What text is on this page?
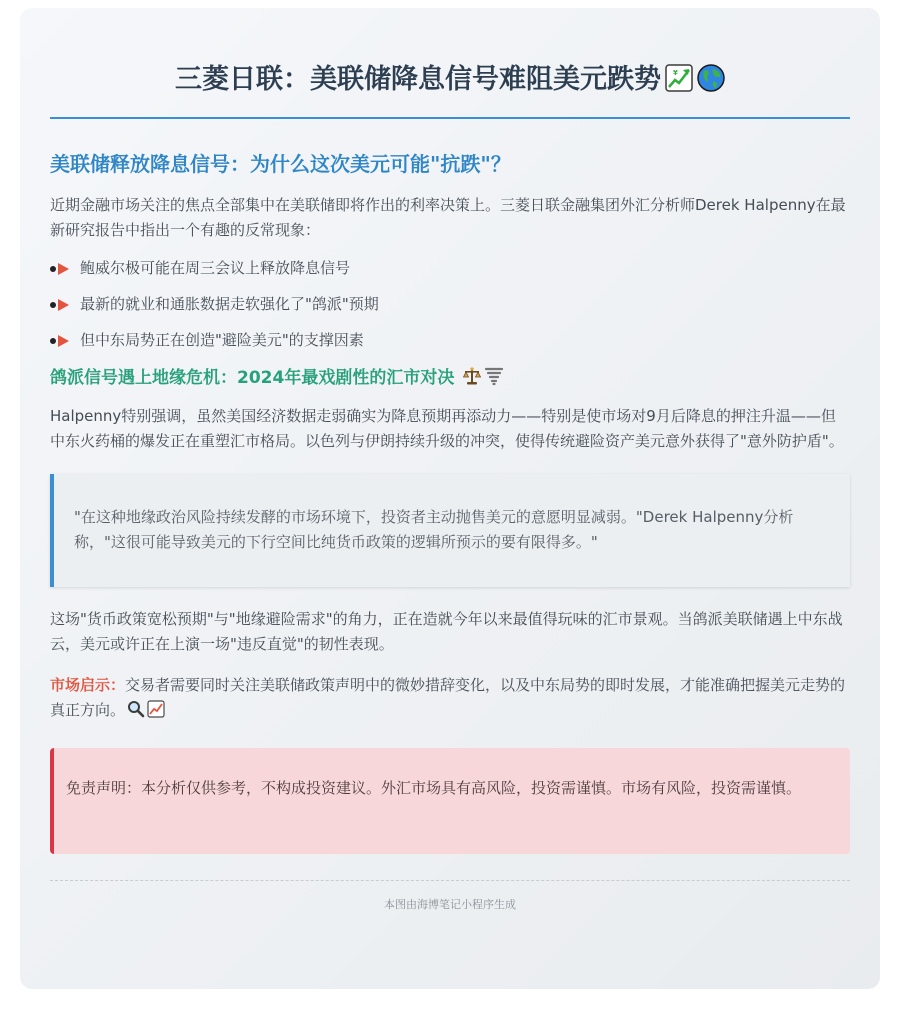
三菱日联：美联储降息信号难阻美元跌势 ¥
美联储释放降息信号：为什么这次美元可能"抗跌"？

近期金融市场关注的焦点全部集中在美联储即将作出的利率决策上。三菱日联金融集团外汇分析师Derek Halpenny在最新研究报告中指出一个有趣的反常现象：

鲍威尔极可能在周三会议上释放降息信号
最新的就业和通胀数据走软强化了"鸽派"预期
但中东局势正在创造"避险美元"的支撑因素
鸽派信号遇上地缘危机：2024年最戏剧性的汇市对决

Halpenny特别强调，虽然美国经济数据走弱确实为降息预期再添动力——特别是使市场对9月后降息的押注升温——但中东火药桶的爆发正在重塑汇市格局。以色列与伊朗持续升级的冲突，使得传统避险资产美元意外获得了"意外防护盾"。

"在这种地缘政治风险持续发酵的市场环境下，投资者主动抛售美元的意愿明显减弱。"Derek Halpenny分析称，"这很可能导致美元的下行空间比纯货币政策的逻辑所预示的要有限得多。"

这场"货币政策宽松预期"与"地缘避险需求"的角力，正在造就今年以来最值得玩味的汇市景观。当鸽派美联储遇上中东战云，美元或许正在上演一场"违反直觉"的韧性表现。

市场启示：交易者需要同时关注美联储政策声明中的微妙措辞变化，以及中东局势的即时发展，才能准确把握美元走势的真正方向。

免责声明：本分析仅供参考，不构成投资建议。外汇市场具有高风险，投资需谨慎。市场有风险，投资需谨慎。
本图由海博笔记小程序生成
